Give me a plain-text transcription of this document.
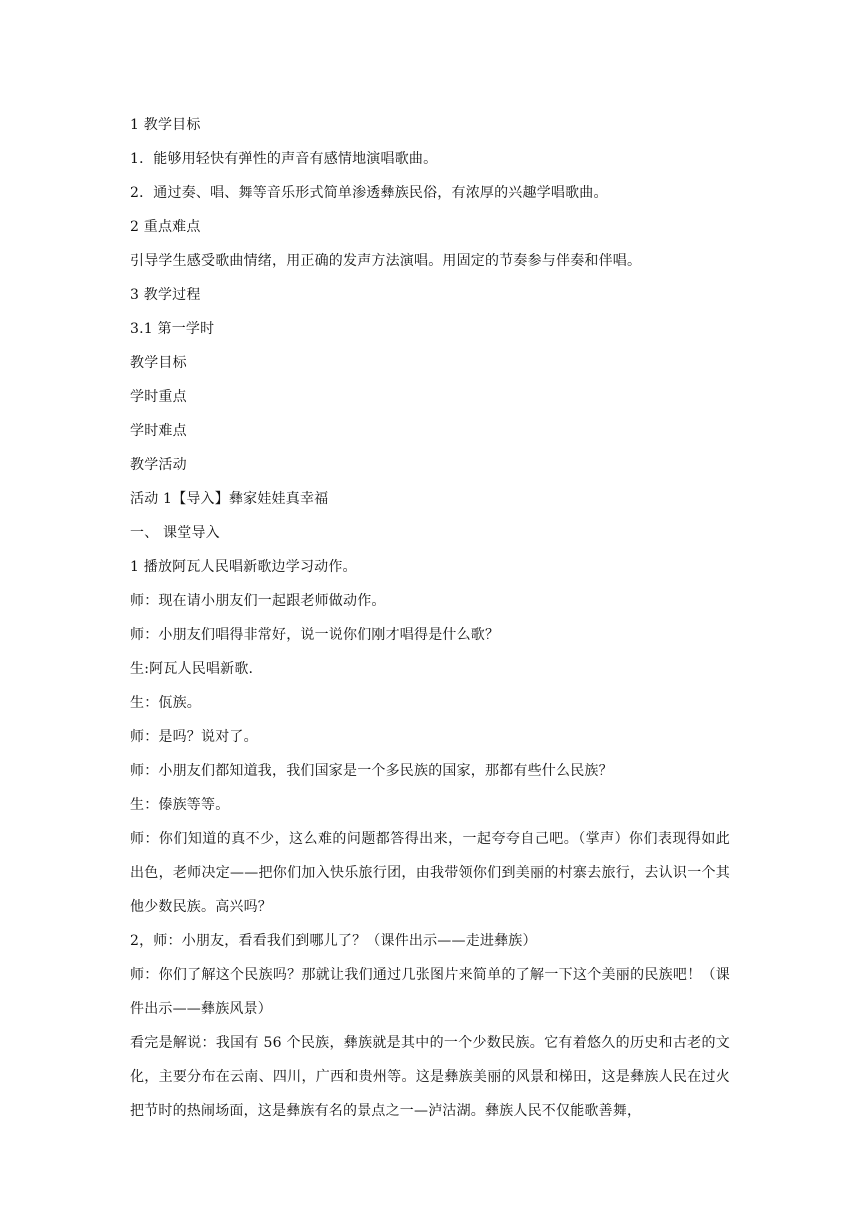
1 教学目标
1．能够用轻快有弹性的声音有感情地演唱歌曲。
2．通过奏、唱、舞等音乐形式简单渗透彝族民俗，有浓厚的兴趣学唱歌曲。
2 重点难点
引导学生感受歌曲情绪，用正确的发声方法演唱。用固定的节奏参与伴奏和伴唱。
3 教学过程
3.1 第一学时
教学目标
学时重点
学时难点
教学活动
活动 1【导入】彝家娃娃真幸福
一、 课堂导入
1 播放阿瓦人民唱新歌边学习动作。
师：现在请小朋友们一起跟老师做动作。
师：小朋友们唱得非常好，说一说你们刚才唱得是什么歌？
生:阿瓦人民唱新歌.
生：佤族。
师：是吗？说对了。
师：小朋友们都知道我，我们国家是一个多民族的国家，那都有些什么民族？
生：傣族等等。
师：你们知道的真不少，这么难的问题都答得出来，一起夸夸自己吧。（掌声）你们表现得如此出色，老师决定——把你们加入快乐旅行团，由我带领你们到美丽的村寨去旅行，去认识一个其他少数民族。高兴吗？
2，师：小朋友，看看我们到哪儿了？（课件出示——走进彝族）
师：你们了解这个民族吗？那就让我们通过几张图片来简单的了解一下这个美丽的民族吧！（课件出示——彝族风景）
看完是解说：我国有 56 个民族，彝族就是其中的一个少数民族。它有着悠久的历史和古老的文化，主要分布在云南、四川，广西和贵州等。这是彝族美丽的风景和梯田，这是彝族人民在过火把节时的热闹场面，这是彝族有名的景点之一—泸沽湖。彝族人民不仅能歌善舞，
